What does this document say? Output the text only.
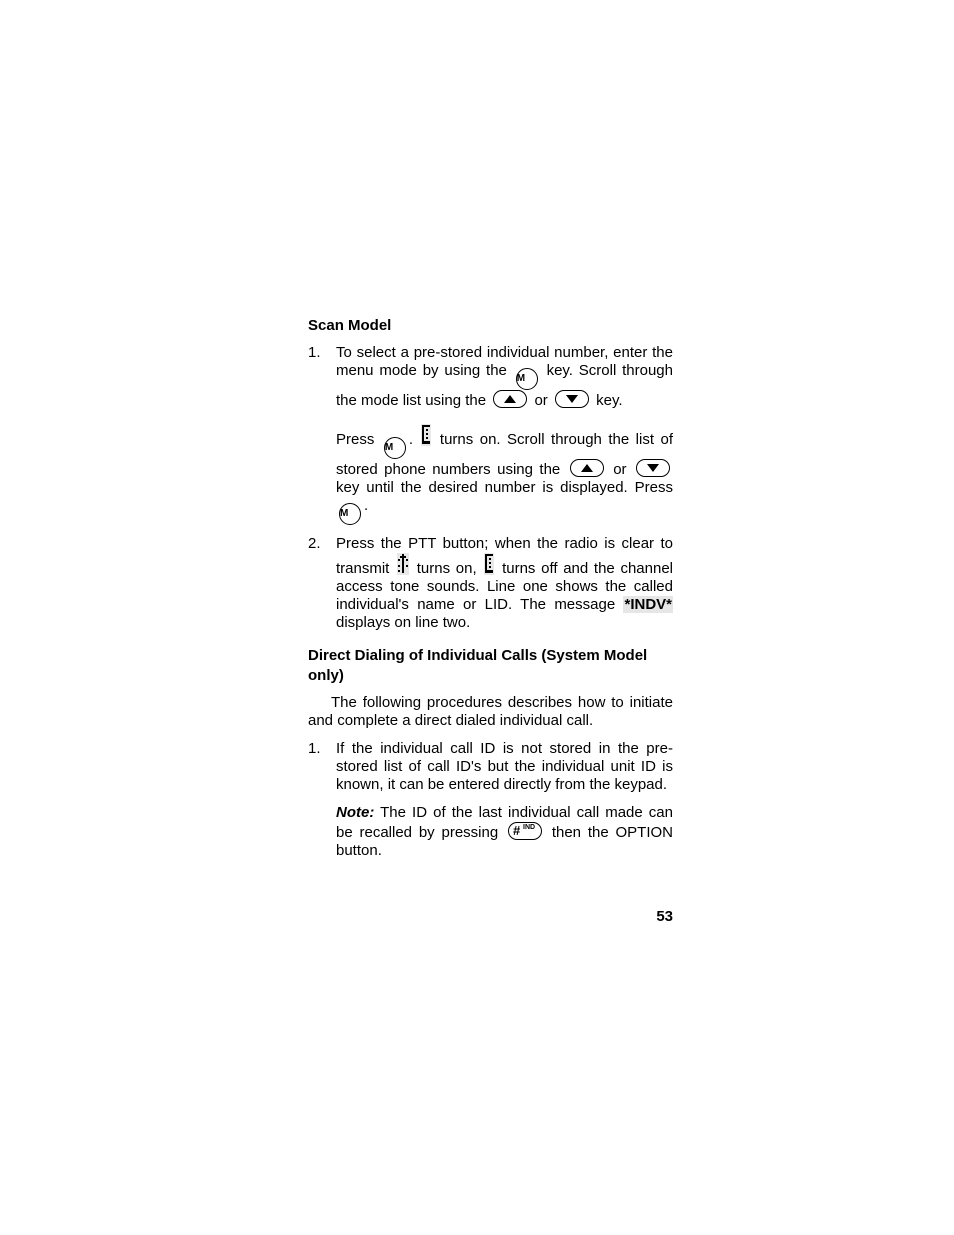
Scan Model
1.	To select a pre-stored individual number, enter the menu mode by using the M key. Scroll through the mode list using the	or	key.
Press M . turns on. Scroll through the list of stored phone numbers using the	or
key until the desired number is displayed. Press M .
2.	Press the PTT button; when the radio is clear to transmit turns on, turns off and the channel access tone sounds. Line one shows the called individual's name or LID. The message *INDV* displays on line two.
Direct Dialing of Individual Calls (System Model only)
The following procedures describes how to initiate and complete a direct dialed individual call.
1.	If the individual call ID is not stored in the pre-stored list of call ID's but the individual unit ID is known, it can be entered directly from the keypad.
Note: The ID of the last individual call made can be recalled by pressing # IND then the OPTION button.
53
